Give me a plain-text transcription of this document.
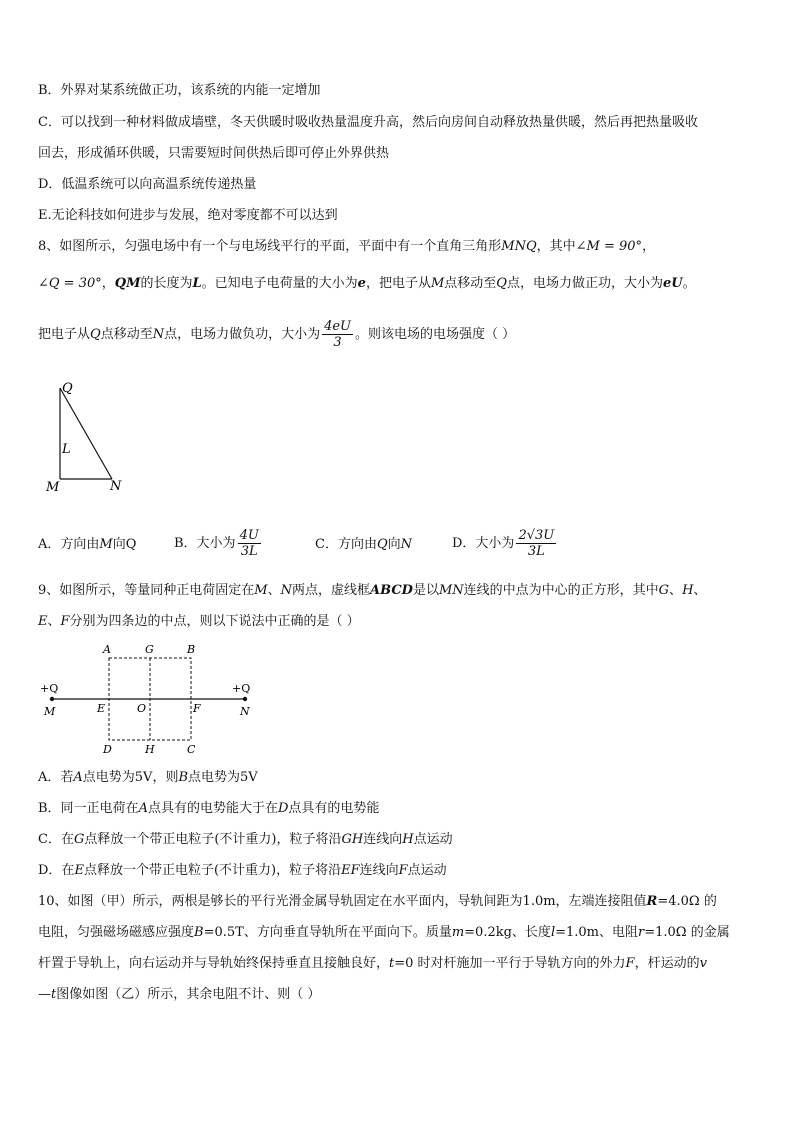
B．外界对某系统做正功，该系统的内能一定增加
C．可以找到一种材料做成墙壁，冬天供暖时吸收热量温度升高，然后向房间自动释放热量供暖，然后再把热量吸收
回去，形成循环供暖，只需要短时间供热后即可停止外界供热
D．低温系统可以向高温系统传递热量
E.无论科技如何进步与发展，绝对零度都不可以达到
8、如图所示，匀强电场中有一个与电场线平行的平面，平面中有一个直角三角形MNQ，其中∠M = 90°，
∠Q = 30°，QM的长度为L。已知电子电荷量的大小为e，把电子从M点移动至Q点，电场力做正功，大小为eU。
把电子从Q点移动至N点，电场力做负功，大小为 $\frac{4eU}{3}$ 。则该电场的电场强度（ ）
Q
L
M	N
A．方向由M向Q	B．大小为 $\frac{4U}{3L}$	C．方向由Q向N	D．大小为 $\frac{2√3U}{3L}$
9、如图所示，等量同种正电荷固定在M、N两点，虚线框ABCD是以MN连线的中点为中心的正方形，其中G、H、
E、F分别为四条边的中点，则以下说法中正确的是（ ）
A	G	B
+Q	+Q
M	E	O	F	N
D	H	C
A．若A点电势为5V，则B点电势为5V
B．同一正电荷在A点具有的电势能大于在D点具有的电势能
C．在G点释放一个带正电粒子(不计重力)，粒子将沿GH连线向H点运动
D．在E点释放一个带正电粒子(不计重力)，粒子将沿EF连线向F点运动
10、如图（甲）所示，两根是够长的平行光滑金属导轨固定在水平面内，导轨间距为1.0m，左端连接阻值R=4.0Ω 的
电阻，匀强磁场磁感应强度B=0.5T、方向垂直导轨所在平面向下。质量m=0.2kg、长度l=1.0m、电阻r=1.0Ω 的金属
杆置于导轨上，向右运动并与导轨始终保持垂直且接触良好，t=0 时对杆施加一平行于导轨方向的外力F，杆运动的v
—t图像如图（乙）所示，其余电阻不计、则（ ）
